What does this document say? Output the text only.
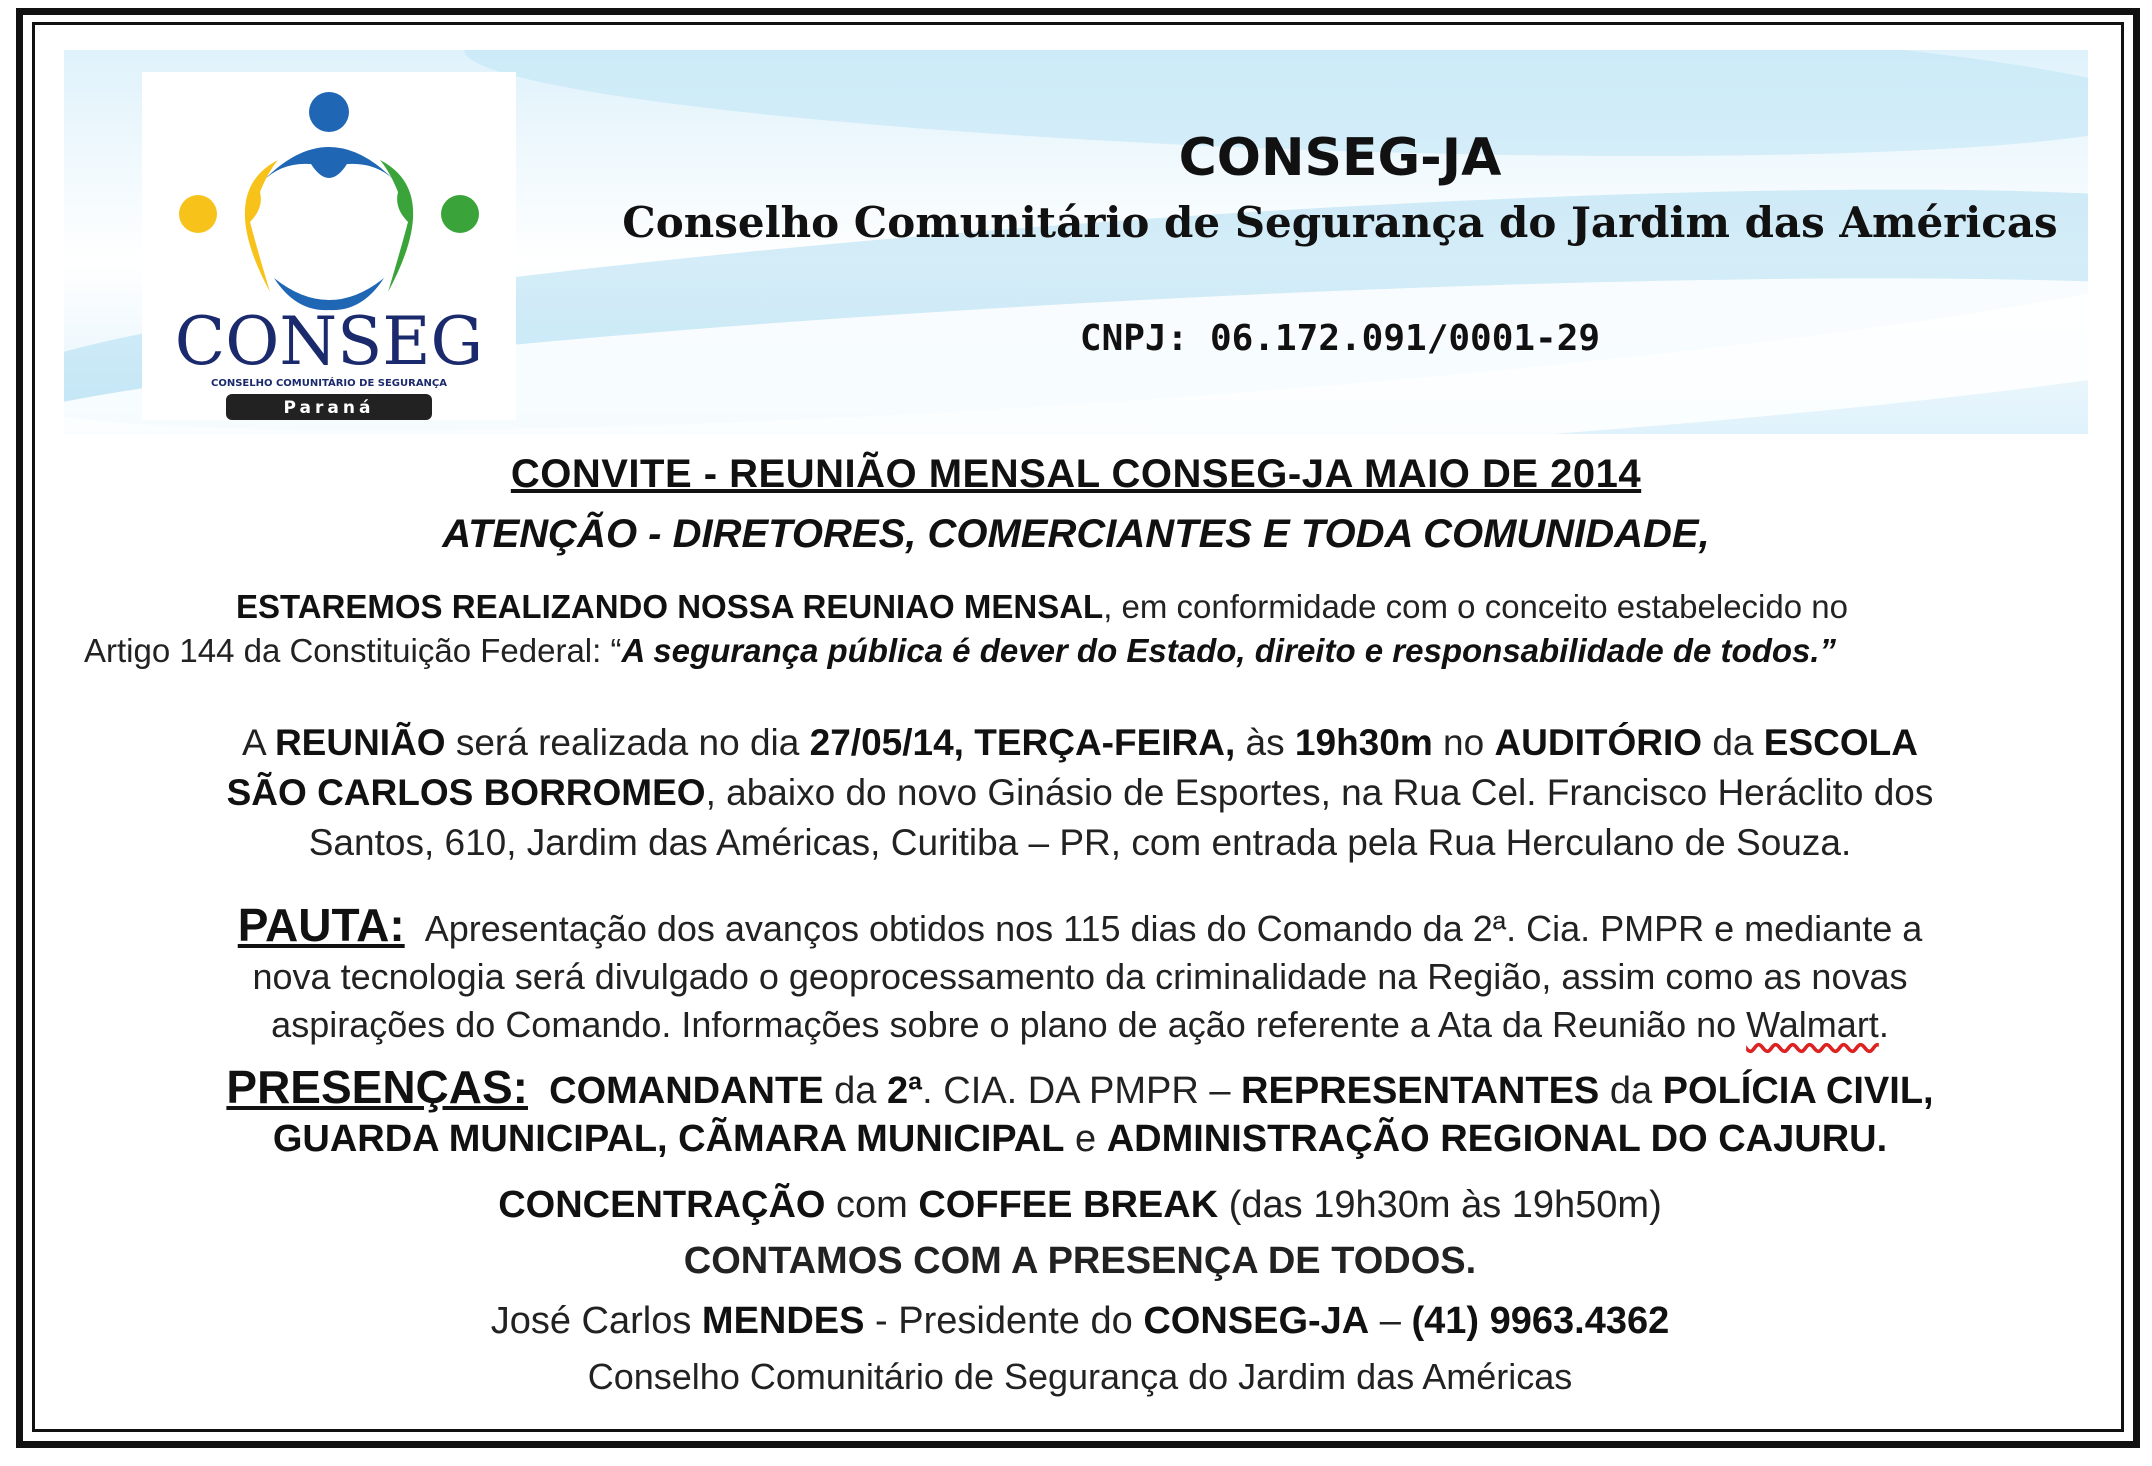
CONSEG
CONSELHO COMUNITÁRIO DE SEGURANÇA
Paraná
CONSEG-JA
Conselho Comunitário de Segurança do Jardim das Américas
CNPJ: 06.172.091/0001-29
CONVITE - REUNIÃO MENSAL CONSEG-JA MAIO DE 2014
ATENÇÃO - DIRETORES, COMERCIANTES E TODA COMUNIDADE,
ESTAREMOS REALIZANDO NOSSA REUNIAO MENSAL, em conformidade com o conceito estabelecido no
Artigo 144 da Constituição Federal: “A segurança pública é dever do Estado, direito e responsabilidade de todos.”
A REUNIÃO será realizada no dia 27/05/14, TERÇA-FEIRA, às 19h30m no AUDITÓRIO da ESCOLA
SÃO CARLOS BORROMEO, abaixo do novo Ginásio de Esportes, na Rua Cel. Francisco Heráclito dos
Santos, 610, Jardim das Américas, Curitiba – PR, com entrada pela Rua Herculano de Souza.
PAUTA: Apresentação dos avanços obtidos nos 115 dias do Comando da 2ª. Cia. PMPR e mediante a
nova tecnologia será divulgado o geoprocessamento da criminalidade na Região, assim como as novas
aspirações do Comando. Informações sobre o plano de ação referente a Ata da Reunião no Walmart.
PRESENÇAS: COMANDANTE da 2ª. CIA. DA PMPR – REPRESENTANTES da POLÍCIA CIVIL,
GUARDA MUNICIPAL, CÃMARA MUNICIPAL e ADMINISTRAÇÃO REGIONAL DO CAJURU.
CONCENTRAÇÃO com COFFEE BREAK (das 19h30m às 19h50m)
CONTAMOS COM A PRESENÇA DE TODOS.
José Carlos MENDES - Presidente do CONSEG-JA – (41) 9963.4362
Conselho Comunitário de Segurança do Jardim das Américas
